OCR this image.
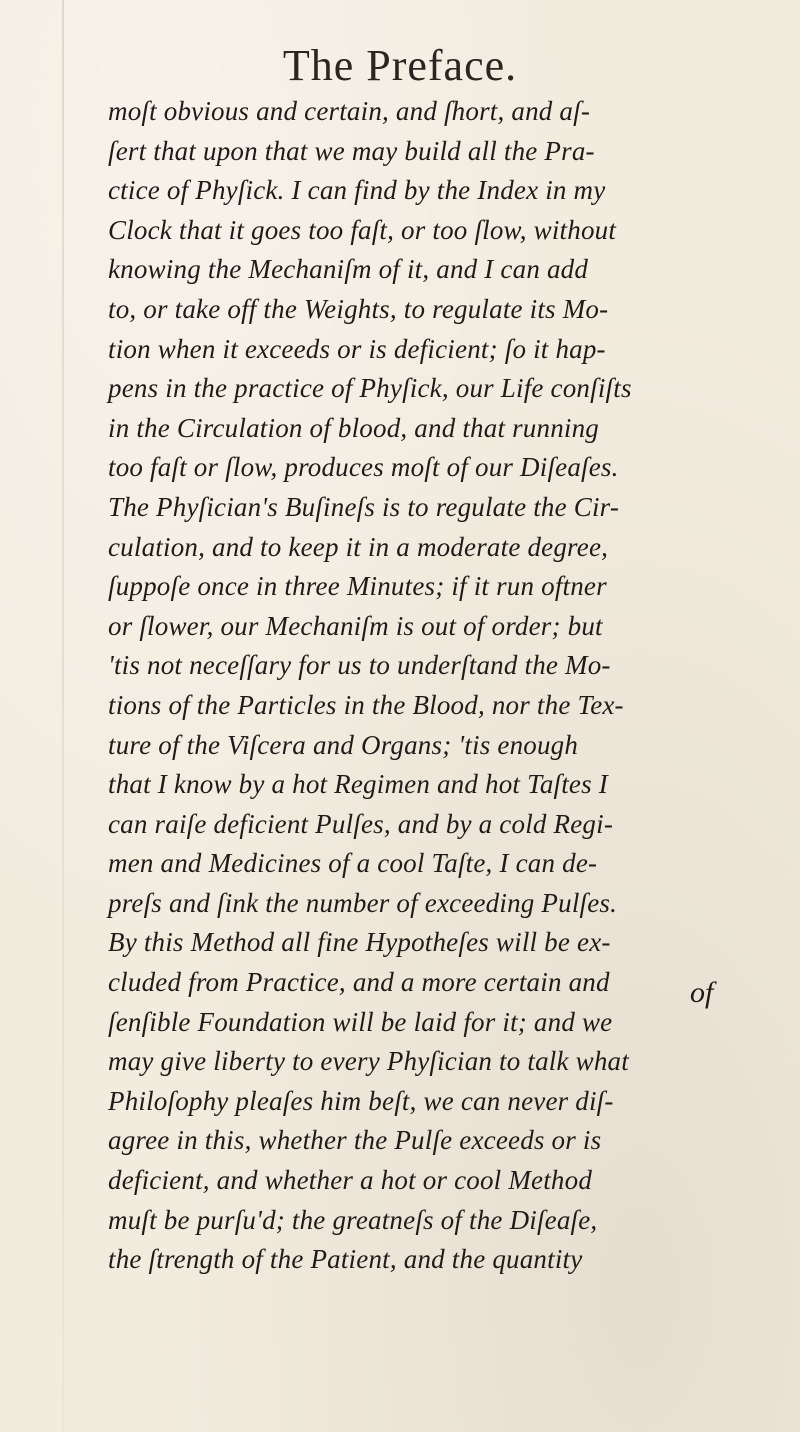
The Preface.
moſt obvious and certain, and ſhort, and aſ-
ſert that upon that we may build all the Pra-
ctice of Phyſick. I can find by the Index in my
Clock that it goes too faſt, or too ſlow, without
knowing the Mechaniſm of it, and I can add
to, or take off the Weights, to regulate its Mo-
tion when it exceeds or is deficient; ſo it hap-
pens in the practice of Phyſick, our Life conſiſts
in the Circulation of blood, and that running
too faſt or ſlow, produces moſt of our Diſeaſes.
The Phyſician's Buſineſs is to regulate the Cir-
culation, and to keep it in a moderate degree,
ſuppoſe once in three Minutes; if it run oftner
or ſlower, our Mechaniſm is out of order; but
'tis not neceſſary for us to underſtand the Mo-
tions of the Particles in the Blood, nor the Tex-
ture of the Viſcera and Organs; 'tis enough
that I know by a hot Regimen and hot Taſtes I
can raiſe deficient Pulſes, and by a cold Regi-
men and Medicines of a cool Taſte, I can de-
preſs and ſink the number of exceeding Pulſes.
By this Method all fine Hypotheſes will be ex-
cluded from Practice, and a more certain and
ſenſible Foundation will be laid for it; and we
may give liberty to every Phyſician to talk what
Philoſophy pleaſes him beſt, we can never diſ-
agree in this, whether the Pulſe exceeds or is
deficient, and whether a hot or cool Method
muſt be purſu'd; the greatneſs of the Diſeaſe,
the ſtrength of the Patient, and the quantity
of
